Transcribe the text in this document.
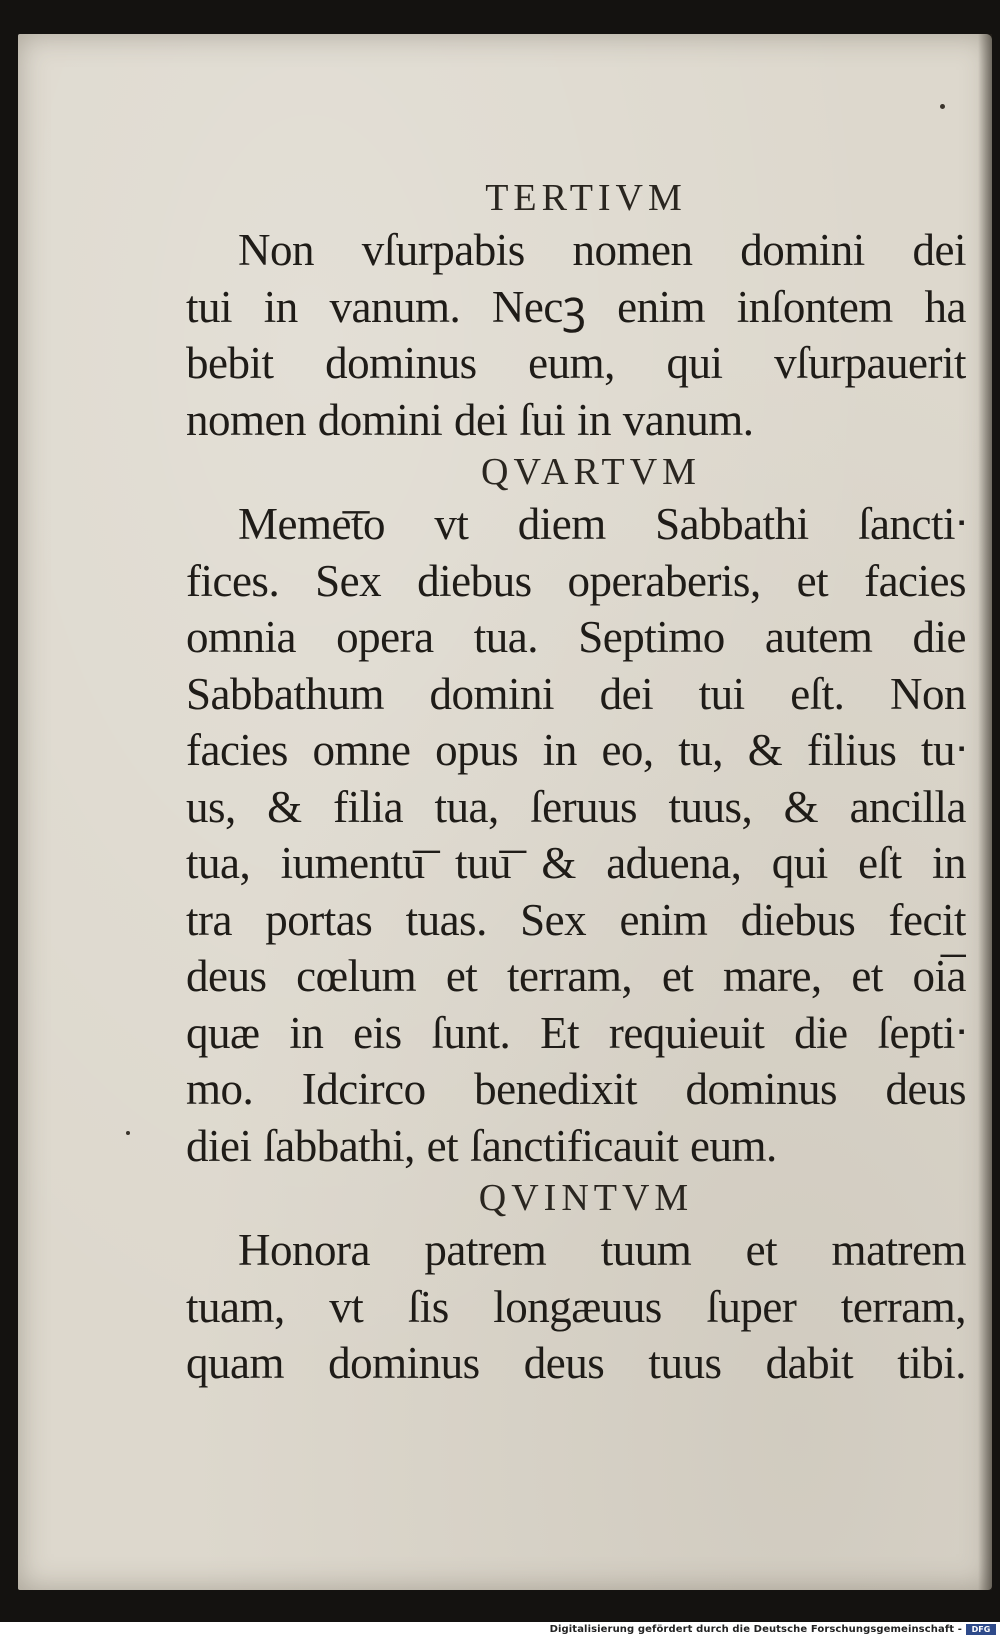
TERTIVM
Non vſurpabis nomen domini dei
tui in vanum. Necꝫ enim inſontem ha
bebit dominus eum, qui vſurpauerit
nomen domini dei ſui in vanum.
QVARTVM
Meme͞to vt diem Sabbathi ſanctiᐧ
fices. Sex diebus operaberis, et facies
omnia opera tua. Septimo autem die
Sabbathum domini dei tui eſt. Non
facies omne opus in eo, tu, & filius tuᐧ
us, & filia tua, ſeruus tuus, & ancilla
tua, iumentu͞ tuu͞ & aduena, qui eſt in
tra portas tuas. Sex enim diebus fecit
deus cœlum et terram, et mare, et oi͞a
quæ in eis ſunt. Et requieuit die ſeptiᐧ
mo. Idcirco benedixit dominus deus
diei ſabbathi, et ſanctificauit eum.
QVINTVM
Honora patrem tuum et matrem
tuam, vt ſis longæuus ſuper terram,
quam dominus deus tuus dabit tibi.
Digitalisierung gefördert durch die Deutsche Forschungsgemeinschaft -	DFG
